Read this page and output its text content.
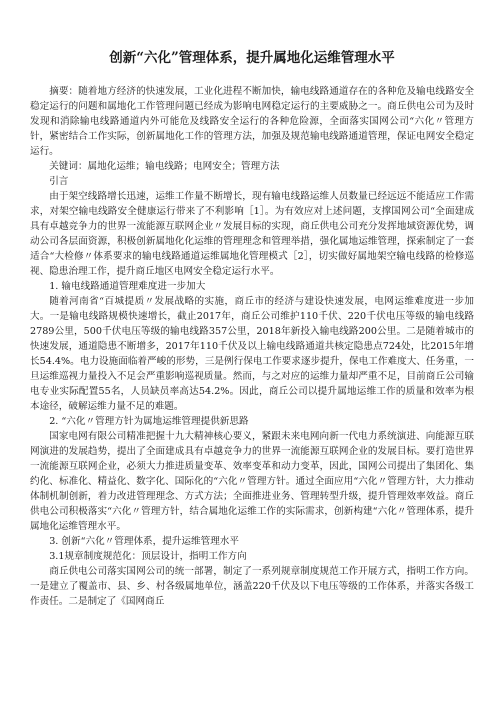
创新“六化”管理体系，提升属地化运维管理水平

摘要：随着地方经济的快速发展，工业化进程不断加快，输电线路通道存在的各种危及输电线路安全稳定运行的问题和属地化工作管理问题已经成为影响电网稳定运行的主要威胁之一。商丘供电公司为及时发现和消除输电线路通道内外可能危及线路安全运行的各种危险源，全面落实国网公司“六化〃管理方针，紧密结合工作实际，创新属地化工作的管理方法，加强及规范输电线路通道管理，保证电网安全稳定运行。

关键词：属地化运维；输电线路；电网安全；管理方法

引言

由于架空线路增长迅速，运维工作量不断增长，现有输电线路运维人员数量已经远远不能适应工作需求，对架空输电线路安全健康运行带来了不利影响［1］。为有效应对上述问题，支撑国网公司“全面建成具有卓越竞争力的世界一流能源互联网企业〃发展目标的实现，商丘供电公司充分发挥地域资源优势，调动公司各层面资源，积极创新属地化化运维的管理理念和管理举措，强化属地运维管理，探索制定了一套适合“大检修〃体系要求的输电线路通道运维属地化管理模式［2］，切实做好属地架空输电线路的检修巡视、隐患治理工作，提升商丘地区电网安全稳定运行水平。

1. 输电线路通道管理难度进一步加大

随着河南省“百城提质〃发展战略的实施，商丘市的经济与建设快速发展，电网运维难度进一步加大。一是输电线路规模快速增长，截止2017年，商丘公司维护110千伏、220千伏电压等级的输电线路2789公里，500千伏电压等级的输电线路357公里，2018年新投入输电线路200公里。二是随着城市的快速发展，通道隐患不断增多，2017年110千伏及以上输电线路通道共核定隐患点724处，比2015年增长54.4%。电力设施面临着严峻的形势，三是例行保电工作要求逐步提升，保电工作难度大、任务重，一旦运维巡视力量投入不足会严重影响巡视质量。然而，与之对应的运维力量却严重不足，目前商丘公司输电专业实际配置55名，人员缺员率高达54.2%。因此，商丘公司以提升属地运维工作的质量和效率为根本途径，破解运维力量不足的难题。

2. “六化〃管理方针为属地运维管理提供新思路

国家电网有限公司精准把握十九大精神核心要义，紧跟未来电网向新一代电力系统演进、向能源互联网演进的发展趋势，提出了全面建成具有卓越竞争力的世界一流能源互联网企业的发展目标。要打造世界一流能源互联网企业，必须大力推进质量变革、效率变革和动力变革，因此，国网公司提出了集团化、集约化、标准化、精益化、数字化、国际化的“六化〃管理方针。通过全面应用“六化〃管理方针，大力推动体制机制创新，着力改进管理理念、方式方法；全面推进业务、管理转型升级，提升管理效率效益。商丘供电公司积极落实“六化〃管理方针，结合属地化运维工作的实际需求，创新构建“六化〃管理体系，提升属地化运维管理水平。

3. 创新“六化〃管理体系，提升运维管理水平

3.1规章制度规范化：顶层设计，指明工作方向

商丘供电公司落实国网公司的统一部署，制定了一系列规章制度规范工作开展方式，指明工作方向。一是建立了覆盖市、县、乡、村各级属地单位，涵盖220千伏及以下电压等级的工作体系，并落实各级工作责任。二是制定了《国网商丘
